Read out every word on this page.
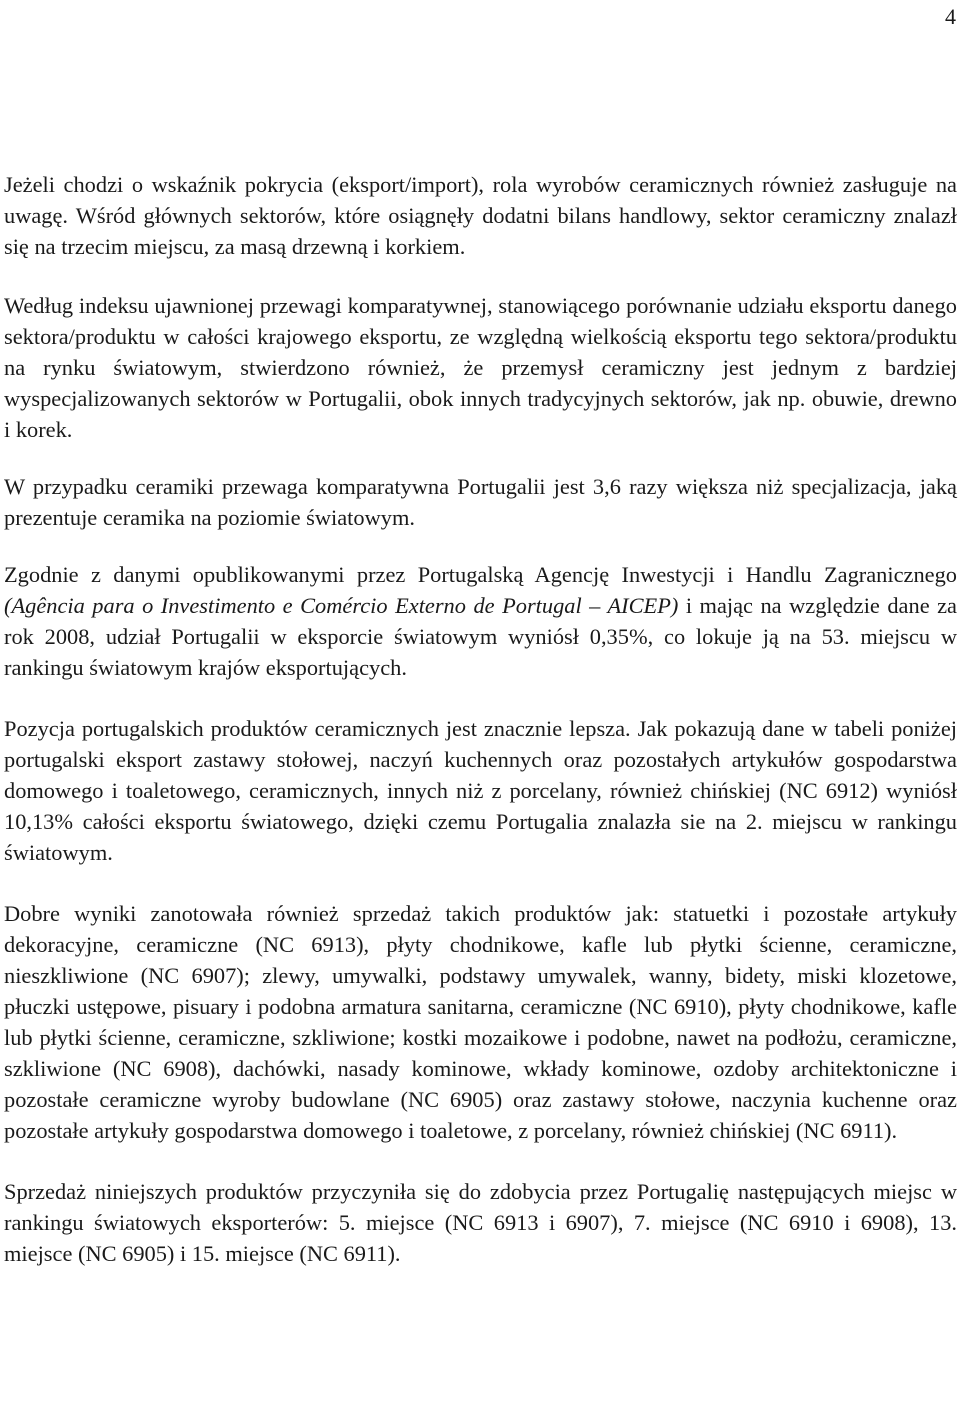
4

Jeżeli chodzi o wskaźnik pokrycia (eksport/import), rola wyrobów ceramicznych również zasługuje na uwagę. Wśród głównych sektorów, które osiągnęły dodatni bilans handlowy, sektor ceramiczny znalazł się na trzecim miejscu, za masą drzewną i korkiem.

Według indeksu ujawnionej przewagi komparatywnej, stanowiącego porównanie udziału eksportu danego sektora/produktu w całości krajowego eksportu, ze względną wielkością eksportu tego sektora/produktu na rynku światowym, stwierdzono również, że przemysł ceramiczny jest jednym z bardziej wyspecjalizowanych sektorów w Portugalii, obok innych tradycyjnych sektorów, jak np. obuwie, drewno i korek.

W przypadku ceramiki przewaga komparatywna Portugalii jest 3,6 razy większa niż specjalizacja, jaką prezentuje ceramika na poziomie światowym.

Zgodnie z danymi opublikowanymi przez Portugalską Agencję Inwestycji i Handlu Zagranicznego (Agência para o Investimento e Comércio Externo de Portugal – AICEP) i mając na względzie dane za rok 2008, udział Portugalii w eksporcie światowym wyniósł 0,35%, co lokuje ją na 53. miejscu w rankingu światowym krajów eksportujących.

Pozycja portugalskich produktów ceramicznych jest znacznie lepsza. Jak pokazują dane w tabeli poniżej portugalski eksport zastawy stołowej, naczyń kuchennych oraz pozostałych artykułów gospodarstwa domowego i toaletowego, ceramicznych, innych niż z porcelany, również chińskiej (NC 6912) wyniósł 10,13% całości eksportu światowego, dzięki czemu Portugalia znalazła sie na 2. miejscu w rankingu światowym.

Dobre wyniki zanotowała również sprzedaż takich produktów jak: statuetki i pozostałe artykuły dekoracyjne, ceramiczne (NC 6913), płyty chodnikowe, kafle lub płytki ścienne, ceramiczne, nieszkliwione (NC 6907); zlewy, umywalki, podstawy umywalek, wanny, bidety, miski klozetowe, płuczki ustępowe, pisuary i podobna armatura sanitarna, ceramiczne (NC 6910), płyty chodnikowe, kafle lub płytki ścienne, ceramiczne, szkliwione; kostki mozaikowe i podobne, nawet na podłożu, ceramiczne, szkliwione (NC 6908), dachówki, nasady kominowe, wkłady kominowe, ozdoby architektoniczne i pozostałe ceramiczne wyroby budowlane (NC 6905) oraz zastawy stołowe, naczynia kuchenne oraz pozostałe artykuły gospodarstwa domowego i toaletowe, z porcelany, również chińskiej (NC 6911).

Sprzedaż niniejszych produktów przyczyniła się do zdobycia przez Portugalię następujących miejsc w rankingu światowych eksporterów: 5. miejsce (NC 6913 i 6907), 7. miejsce (NC 6910 i 6908), 13. miejsce (NC 6905) i 15. miejsce (NC 6911).
